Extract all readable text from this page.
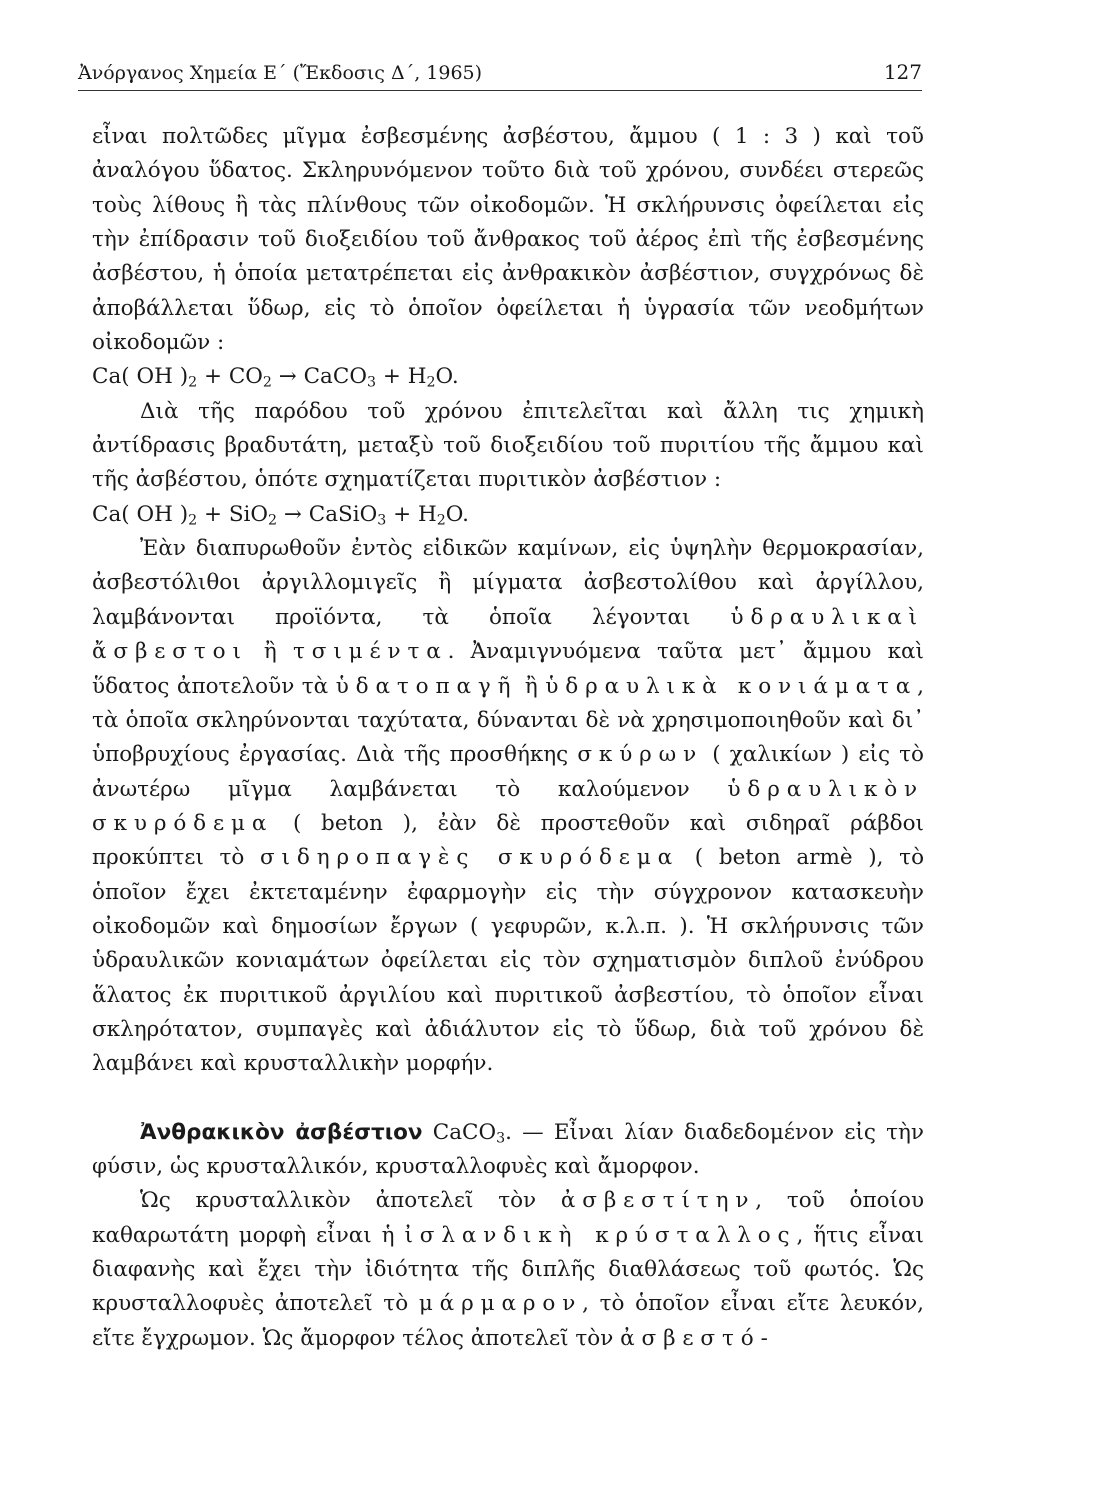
Ἀνόργανος Χημεία Ε΄ (Ἔκδοσις Δ΄, 1965)	127

εἶναι πολτῶδες μῖγμα ἐσβεσμένης ἀσβέστου, ἄμμου ( 1 : 3 ) καὶ τοῦ ἀναλόγου ὕδατος. Σκληρυνόμενον τοῦτο διὰ τοῦ χρόνου, συνδέει στερεῶς τοὺς λίθους ἢ τὰς πλίνθους τῶν οἰκοδομῶν. Ἡ σκλήρυνσις ὀφείλεται εἰς τὴν ἐπίδρασιν τοῦ διοξειδίου τοῦ ἄνθρακος τοῦ ἀέρος ἐπὶ τῆς ἐσβεσμένης ἀσβέστου, ἡ ὁποία μετατρέπεται εἰς ἀνθρακικὸν ἀσβέστιον, συγχρόνως δὲ ἀποβάλλεται ὕδωρ, εἰς τὸ ὁποῖον ὀφείλεται ἡ ὑγρασία τῶν νεοδμήτων οἰκοδομῶν :

Ca( OH )$_2 + CO_2$ → CaCO$_3$ + $H_2O$.

Διὰ τῆς παρόδου τοῦ χρόνου ἐπιτελεῖται καὶ ἄλλη τις χημικὴ ἀντίδρασις βραδυτάτη, μεταξὺ τοῦ διοξειδίου τοῦ πυριτίου τῆς ἄμμου καὶ τῆς ἀσβέστου, ὁπότε σχηματίζεται πυριτικὸν ἀσβέστιον :

Ca( OH )$_2 + SiO_2$ → CaSiO$_3$ + $H_2O$.

Ἐὰν διαπυρωθοῦν ἐντὸς εἰδικῶν καμίνων, εἰς ὑψηλὴν θερμοκρασίαν, ἀσβεστόλιθοι ἀργιλλομιγεῖς ἢ μίγματα ἀσβεστολίθου καὶ ἀργίλλου, λαμβάνονται προϊόντα, τὰ ὁποῖα λέγονται ὑδραυλικαὶ ἄσβεστοι ἢ τσιμέντα. Ἀναμιγνυόμενα ταῦτα μετ᾽ ἄμμου καὶ ὕδατος ἀποτελοῦν τὰ ὑδατοπαγῆ ἢ ὑδραυλικὰ κονιάματα, τὰ ὁποῖα σκληρύνονται ταχύτατα, δύνανται δὲ νὰ χρησιμοποιηθοῦν καὶ δι᾽ ὑποβρυχίους ἐργασίας. Διὰ τῆς προσθήκης σκύρων ( χαλικίων ) εἰς τὸ ἀνωτέρω μῖγμα λαμβάνεται τὸ καλούμενον ὑδραυλικὸν σκυρόδεμα ( beton ), ἐὰν δὲ προστεθοῦν καὶ σιδηραῖ ράβδοι προκύπτει τὸ σιδηροπαγὲς σκυρόδεμα ( beton armè ), τὸ ὁποῖον ἔχει ἐκτεταμένην ἐφαρμογὴν εἰς τὴν σύγχρονον κατασκευὴν οἰκοδομῶν καὶ δημοσίων ἔργων ( γεφυρῶν, κ.λ.π. ). Ἡ σκλήρυνσις τῶν ὑδραυλικῶν κονιαμάτων ὀφείλεται εἰς τὸν σχηματισμὸν διπλοῦ ἐνύδρου ἅλατος ἐκ πυριτικοῦ ἀργιλίου καὶ πυριτικοῦ ἀσβεστίου, τὸ ὁποῖον εἶναι σκληρότατον, συμπαγὲς καὶ ἀδιάλυτον εἰς τὸ ὕδωρ, διὰ τοῦ χρόνου δὲ λαμβάνει καὶ κρυσταλλικὴν μορφήν.

Ἀνθρακικὸν ἀσβέστιον CaCO$_3$. — Εἶναι λίαν διαδεδομένον εἰς τὴν φύσιν, ὡς κρυσταλλικόν, κρυσταλλοφυὲς καὶ ἄμορφον.

Ὡς κρυσταλλικὸν ἀποτελεῖ τὸν ἀσβεστίτην, τοῦ ὁποίου καθαρωτάτη μορφὴ εἶναι ἡ ἰσλανδικὴ κρύσταλλος, ἥτις εἶναι διαφανὴς καὶ ἔχει τὴν ἰδιότητα τῆς διπλῆς διαθλάσεως τοῦ φωτός. Ὡς κρυσταλλοφυὲς ἀποτελεῖ τὸ μάρμαρον, τὸ ὁποῖον εἶναι εἴτε λευκόν, εἴτε ἔγχρωμον. Ὡς ἄμορφον τέλος ἀποτελεῖ τὸν ἀσβεστό-
